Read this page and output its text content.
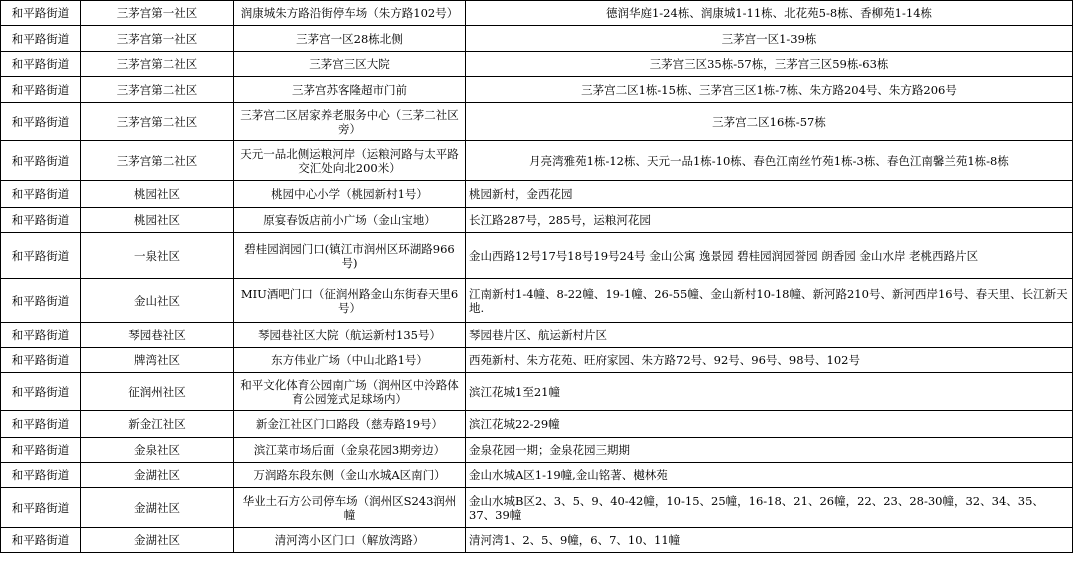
和平路街道	三茅宫第一社区	润康城朱方路沿街停车场（朱方路102号）	德润华庭1-24栋、润康城1-11栋、北花苑5-8栋、香柳苑1-14栋
和平路街道	三茅宫第一社区	三茅宫一区28栋北侧	三茅宫一区1-39栋
和平路街道	三茅宫第二社区	三茅宫三区大院	三茅宫三区35栋-57栋，三茅宫三区59栋-63栋
和平路街道	三茅宫第二社区	三茅宫苏客隆超市门前	三茅宫二区1栋-15栋、三茅宫三区1栋-7栋、朱方路204号、朱方路206号
和平路街道	三茅宫第二社区	三茅宫二区居家养老服务中心（三茅二社区旁）	三茅宫二区16栋-57栋
和平路街道	三茅宫第二社区	天元一品北侧运粮河岸（运粮河路与太平路交汇处向北200米）	月亮湾雅苑1栋-12栋、天元一品1栋-10栋、春色江南丝竹苑1栋-3栋、春色江南馨兰苑1栋-8栋
和平路街道	桃园社区	桃园中心小学（桃园新村1号）	桃园新村，金西花园
和平路街道	桃园社区	原宴春饭店前小广场（金山宝地）	长江路287号，285号，运粮河花园
和平路街道	一泉社区	碧桂园润园门口(镇江市润州区环湖路966号)	金山西路12号17号18号19号24号 金山公寓 逸景园 碧桂园润园誉园 朗香园 金山水岸 老桃西路片区
和平路街道	金山社区	MIU酒吧门口（征润州路金山东街春天里6号）	江南新村1-4幢、8-22幢、19-1幢、26-55幢、金山新村10-18幢、新河路210号、新河西岸16号、春天里、长江新天地.
和平路街道	琴园巷社区	琴园巷社区大院（航运新村135号）	琴园巷片区、航运新村片区
和平路街道	牌湾社区	东方伟业广场（中山北路1号）	西苑新村、朱方花苑、旺府家园、朱方路72号、92号、96号、98号、102号
和平路街道	征润州社区	和平文化体育公园南广场（润州区中泠路体育公园笼式足球场内）	滨江花城1至21幢
和平路街道	新金江社区	新金江社区门口路段（慈寿路19号）	滨江花城22-29幢
和平路街道	金泉社区	滨江菜市场后面（金泉花园3期旁边）	金泉花园一期；金泉花园三期期
和平路街道	金湖社区	万润路东段东侧（金山水城A区南门）	金山水城A区1-19幢,金山铭著、樾林苑
和平路街道	金湖社区	华业土石方公司停车场（润州区S243润州幢	金山水城B区2、3、5、9、40-42幢，10-15、25幢，16-18、21、26幢，22、23、28-30幢，32、34、35、37、39幢
和平路街道	金湖社区	清河湾小区门口（解放湾路）	清河湾1、2、5、9幢，6、7、10、11幢
